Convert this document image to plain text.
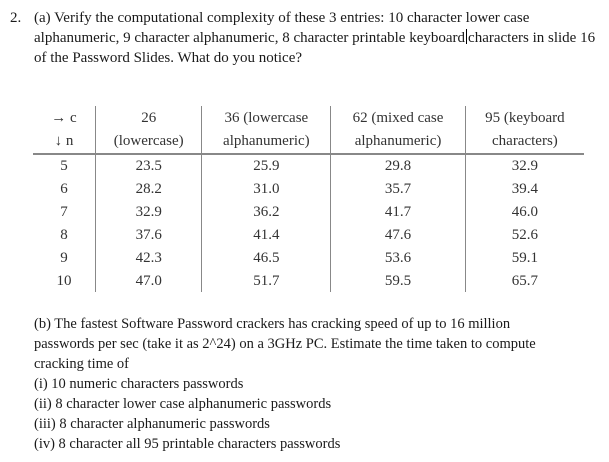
2. (a) Verify the computational complexity of these 3 entries: 10 character lower case alphanumeric, 9 character alphanumeric, 8 character printable keyboard characters in slide 16 of the Password Slides. What do you notice?
→ c	26	36 (lowercase	62 (mixed case	95 (keyboard
↓ n	(lowercase)	alphanumeric)	alphanumeric)	characters)

5	23.5	25.9	29.8	32.9
6	28.2	31.0	35.7	39.4
7	32.9	36.2	41.7	46.0
8	37.6	41.4	47.6	52.6
9	42.3	46.5	53.6	59.1
10	47.0	51.7	59.5	65.7
(b) The fastest Software Password crackers has cracking speed of up to 16 million
passwords per sec (take it as 2^24) on a 3GHz PC. Estimate the time taken to compute
cracking time of
(i) 10 numeric characters passwords
(ii) 8 character lower case alphanumeric passwords
(iii) 8 character alphanumeric passwords
(iv) 8 character all 95 printable characters passwords
